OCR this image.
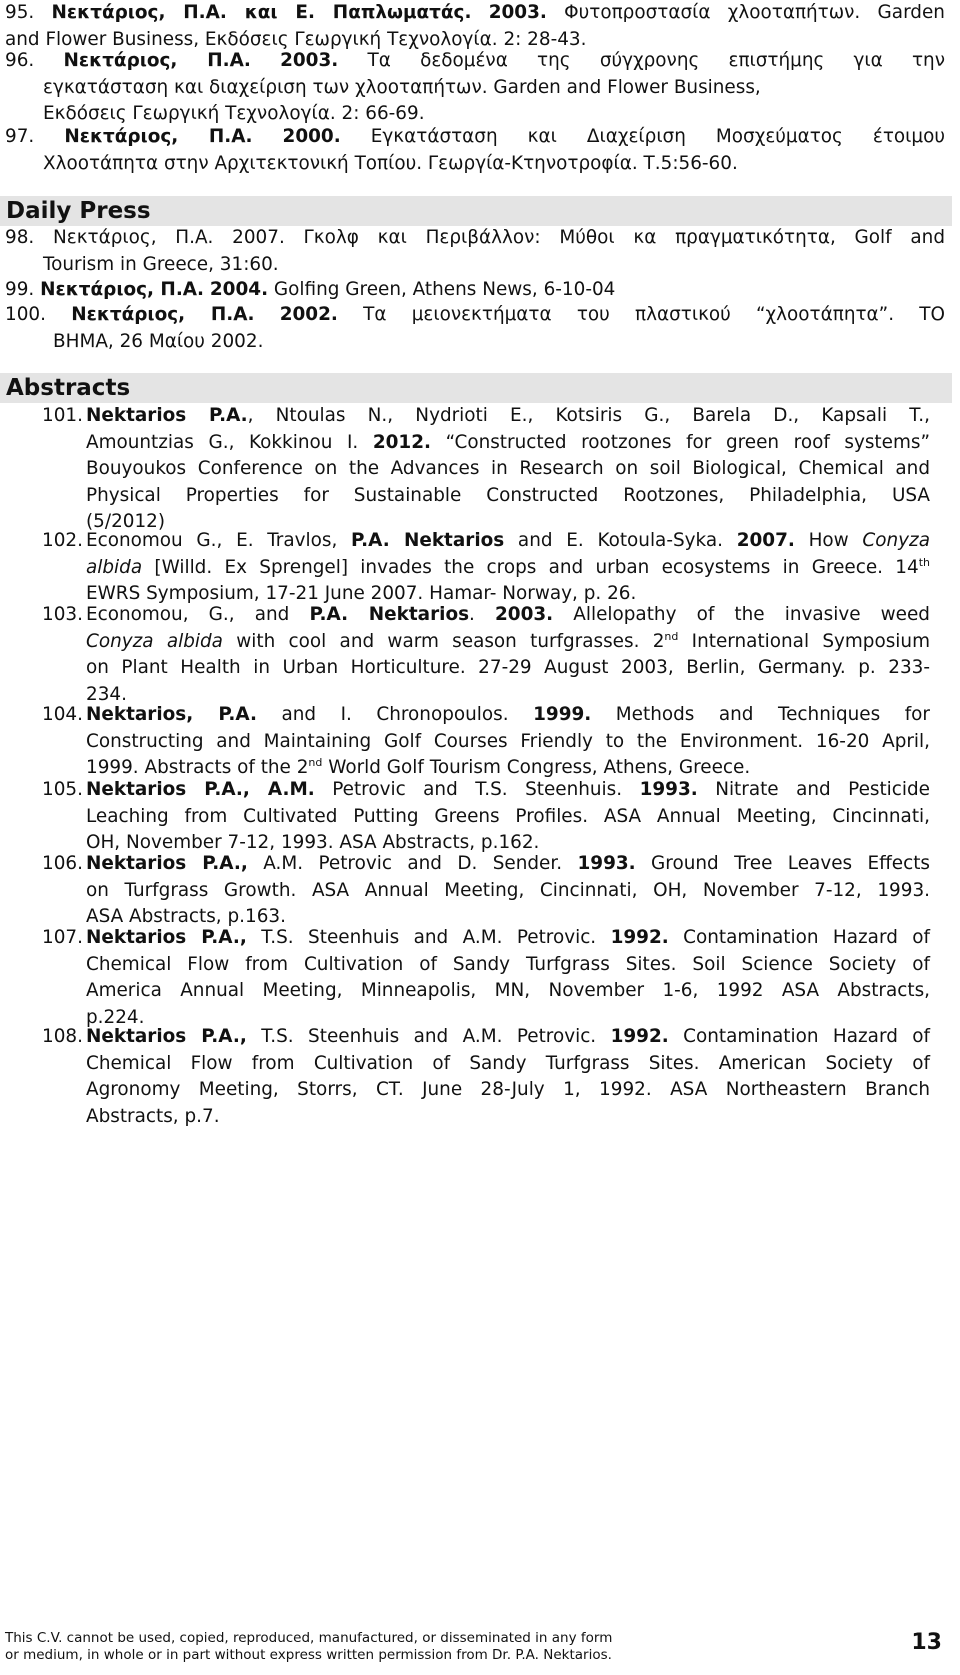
95. Νεκτάριος, Π.Α. και Ε. Παπλωματάς. 2003. Φυτοπροστασία χλοοταπήτων. Garden
and Flower Business, Εκδόσεις Γεωργική Τεχνολογία. 2: 28-43.
96. Νεκτάριος, Π.Α. 2003. Τα δεδομένα της σύγχρονης επιστήμης για την
εγκατάσταση και διαχείριση των χλοοταπήτων. Garden and Flower Business,
Εκδόσεις Γεωργική Τεχνολογία. 2: 66-69.
97. Νεκτάριος, Π.Α. 2000. Εγκατάσταση και Διαχείριση Μοσχεύματος έτοιμου
Χλοοτάπητα στην Αρχιτεκτονική Τοπίου. Γεωργία-Κτηνοτροφία. Τ.5:56-60.
Daily Press
98. Νεκτάριος, Π.Α. 2007. Γκολφ και Περιβάλλον: Μύθοι κα πραγματικότητα, Golf and
Tourism in Greece, 31:60.
99. Νεκτάριος, Π.Α. 2004. Golfing Green, Athens News, 6-10-04
100. Νεκτάριος, Π.Α. 2002. Τα μειονεκτήματα του πλαστικού “χλοοτάπητα”. ΤΟ
ΒΗΜΑ, 26 Μαίου 2002.
Abstracts
101. Nektarios P.A., Ntoulas N., Nydrioti E., Kotsiris G., Barela D., Kapsali T.,
Amountzias G., Kokkinou I. 2012. “Constructed rootzones for green roof systems”
Bouyoukos Conference on the Advances in Research on soil Biological, Chemical and
Physical Properties for Sustainable Constructed Rootzones, Philadelphia, USA
(5/2012)
102. Economou G., E. Travlos, P.A. Nektarios and E. Kotoula-Syka. 2007. How Conyza
albida [Willd. Ex Sprengel] invades the crops and urban ecosystems in Greece. 14th
EWRS Symposium, 17-21 June 2007. Hamar- Norway, p. 26.
103. Economou, G., and P.A. Nektarios. 2003. Allelopathy of the invasive weed
Conyza albida with cool and warm season turfgrasses. 2nd International Symposium
on Plant Health in Urban Horticulture. 27-29 August 2003, Berlin, Germany. p. 233-
234.
104. Nektarios, P.A. and I. Chronopoulos. 1999. Methods and Techniques for
Constructing and Maintaining Golf Courses Friendly to the Environment. 16-20 April,
1999. Abstracts of the 2nd World Golf Tourism Congress, Athens, Greece.
105. Nektarios P.A., A.M. Petrovic and T.S. Steenhuis. 1993. Nitrate and Pesticide
Leaching from Cultivated Putting Greens Profiles. ASA Annual Meeting, Cincinnati,
OH, November 7-12, 1993. ASA Abstracts, p.162.
106. Nektarios P.A., A.M. Petrovic and D. Sender. 1993. Ground Tree Leaves Effects
on Turfgrass Growth. ASA Annual Meeting, Cincinnati, OH, November 7-12, 1993.
ASA Abstracts, p.163.
107. Nektarios P.A., T.S. Steenhuis and A.M. Petrovic. 1992. Contamination Hazard of
Chemical Flow from Cultivation of Sandy Turfgrass Sites. Soil Science Society of
America Annual Meeting, Minneapolis, MN, November 1-6, 1992 ASA Abstracts,
p.224.
108. Nektarios P.A., T.S. Steenhuis and A.M. Petrovic. 1992. Contamination Hazard of
Chemical Flow from Cultivation of Sandy Turfgrass Sites. American Society of
Agronomy Meeting, Storrs, CT. June 28-July 1, 1992. ASA Northeastern Branch
Abstracts, p.7.
This C.V. cannot be used, copied, reproduced, manufactured, or disseminated in any form
or medium, in whole or in part without express written permission from Dr. P.A. Nektarios.	13
